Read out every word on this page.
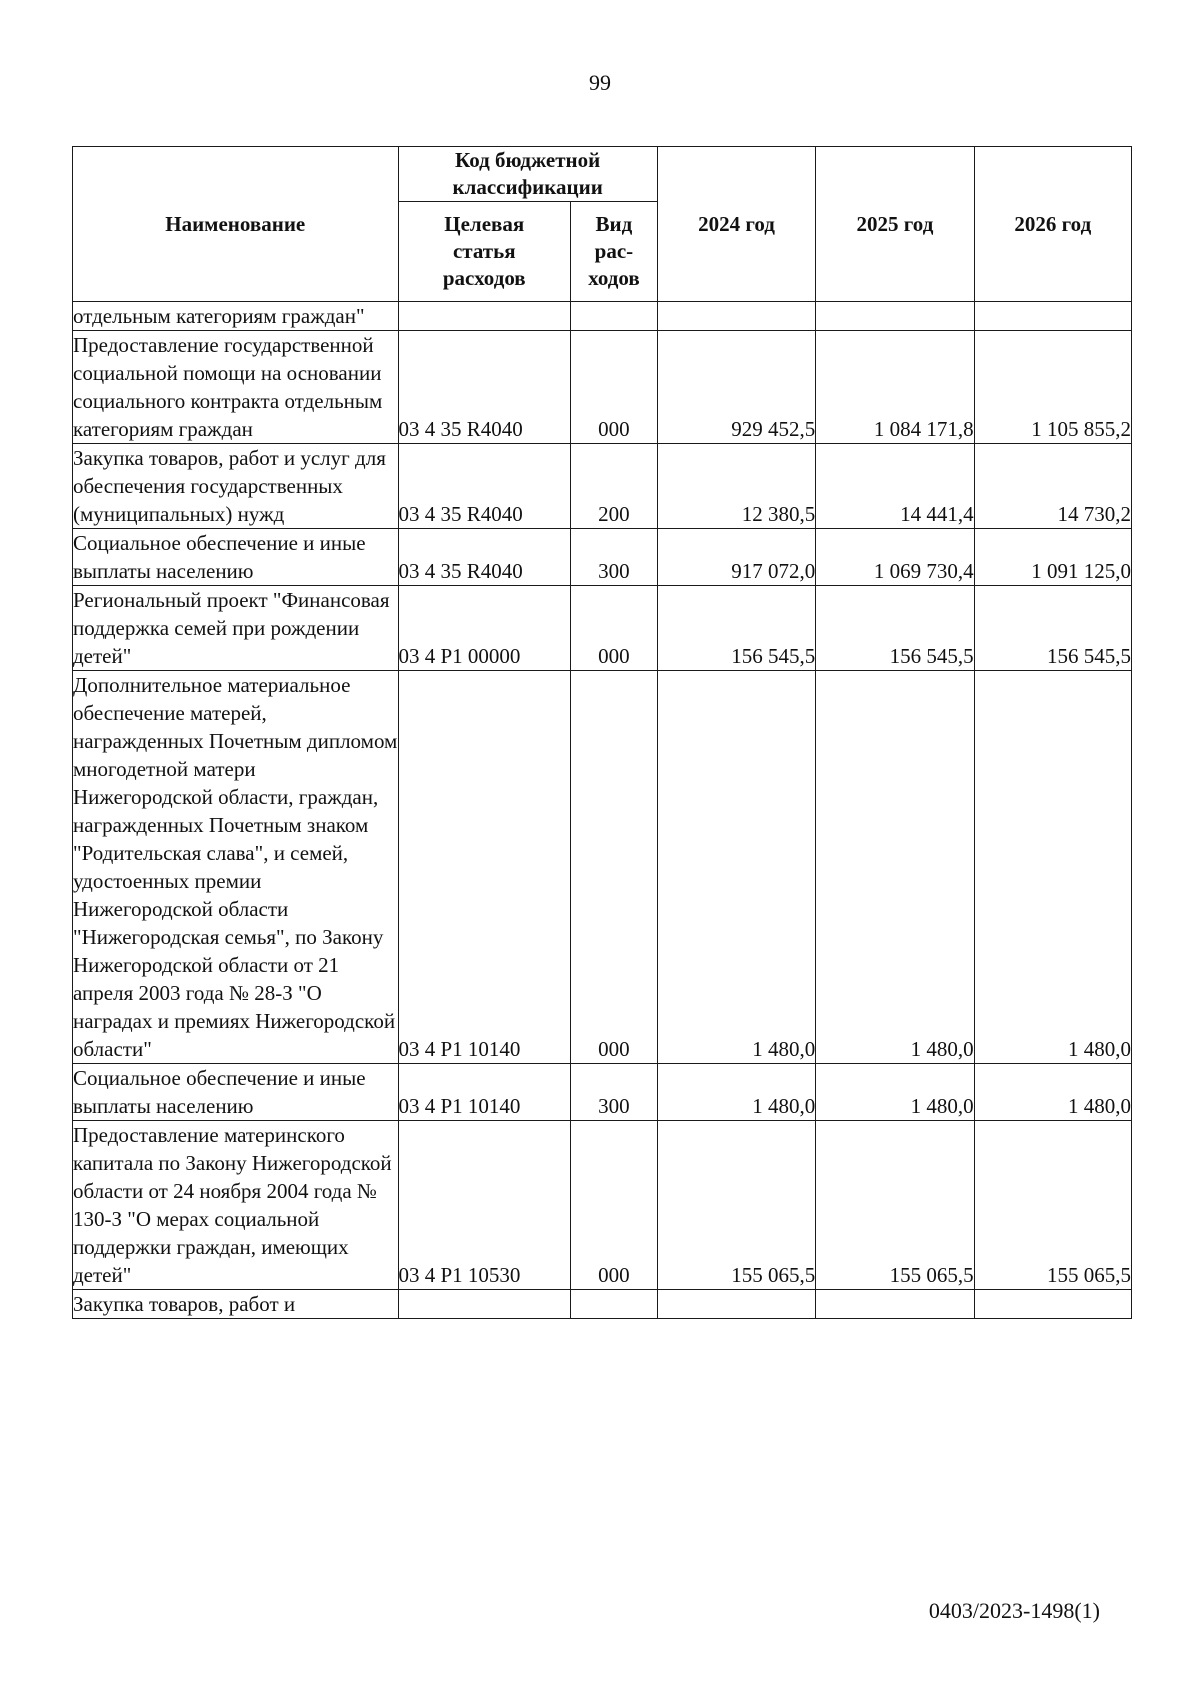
99
Наименование	Код бюджетной классификации		2024 год	2025 год	2026 год
	Целевая статья расходов	Вид рас-ходов			
отдельным категориям граждан"					
Предоставление государственной социальной помощи на основании социального контракта отдельным категориям граждан	03 4 35 R4040	000	929 452,5	1 084 171,8	1 105 855,2
Закупка товаров, работ и услуг для обеспечения государственных (муниципальных) нужд	03 4 35 R4040	200	12 380,5	14 441,4	14 730,2
Социальное обеспечение и иные выплаты населению	03 4 35 R4040	300	917 072,0	1 069 730,4	1 091 125,0
Региональный проект "Финансовая поддержка семей при рождении детей"	03 4 P1 00000	000	156 545,5	156 545,5	156 545,5
Дополнительное материальное обеспечение матерей, награжденных Почетным дипломом многодетной матери Нижегородской области, граждан, награжденных Почетным знаком "Родительская слава", и семей, удостоенных премии Нижегородской области "Нижегородская семья", по Закону Нижегородской области от 21 апреля 2003 года № 28-З "О наградах и премиях Нижегородской области"	03 4 P1 10140	000	1 480,0	1 480,0	1 480,0
Социальное обеспечение и иные выплаты населению	03 4 P1 10140	300	1 480,0	1 480,0	1 480,0
Предоставление материнского капитала по Закону Нижегородской области от 24 ноября 2004 года № 130-З "О мерах социальной поддержки граждан, имеющих детей"	03 4 P1 10530	000	155 065,5	155 065,5	155 065,5
Закупка товаров, работ и					
0403/2023-1498(1)
